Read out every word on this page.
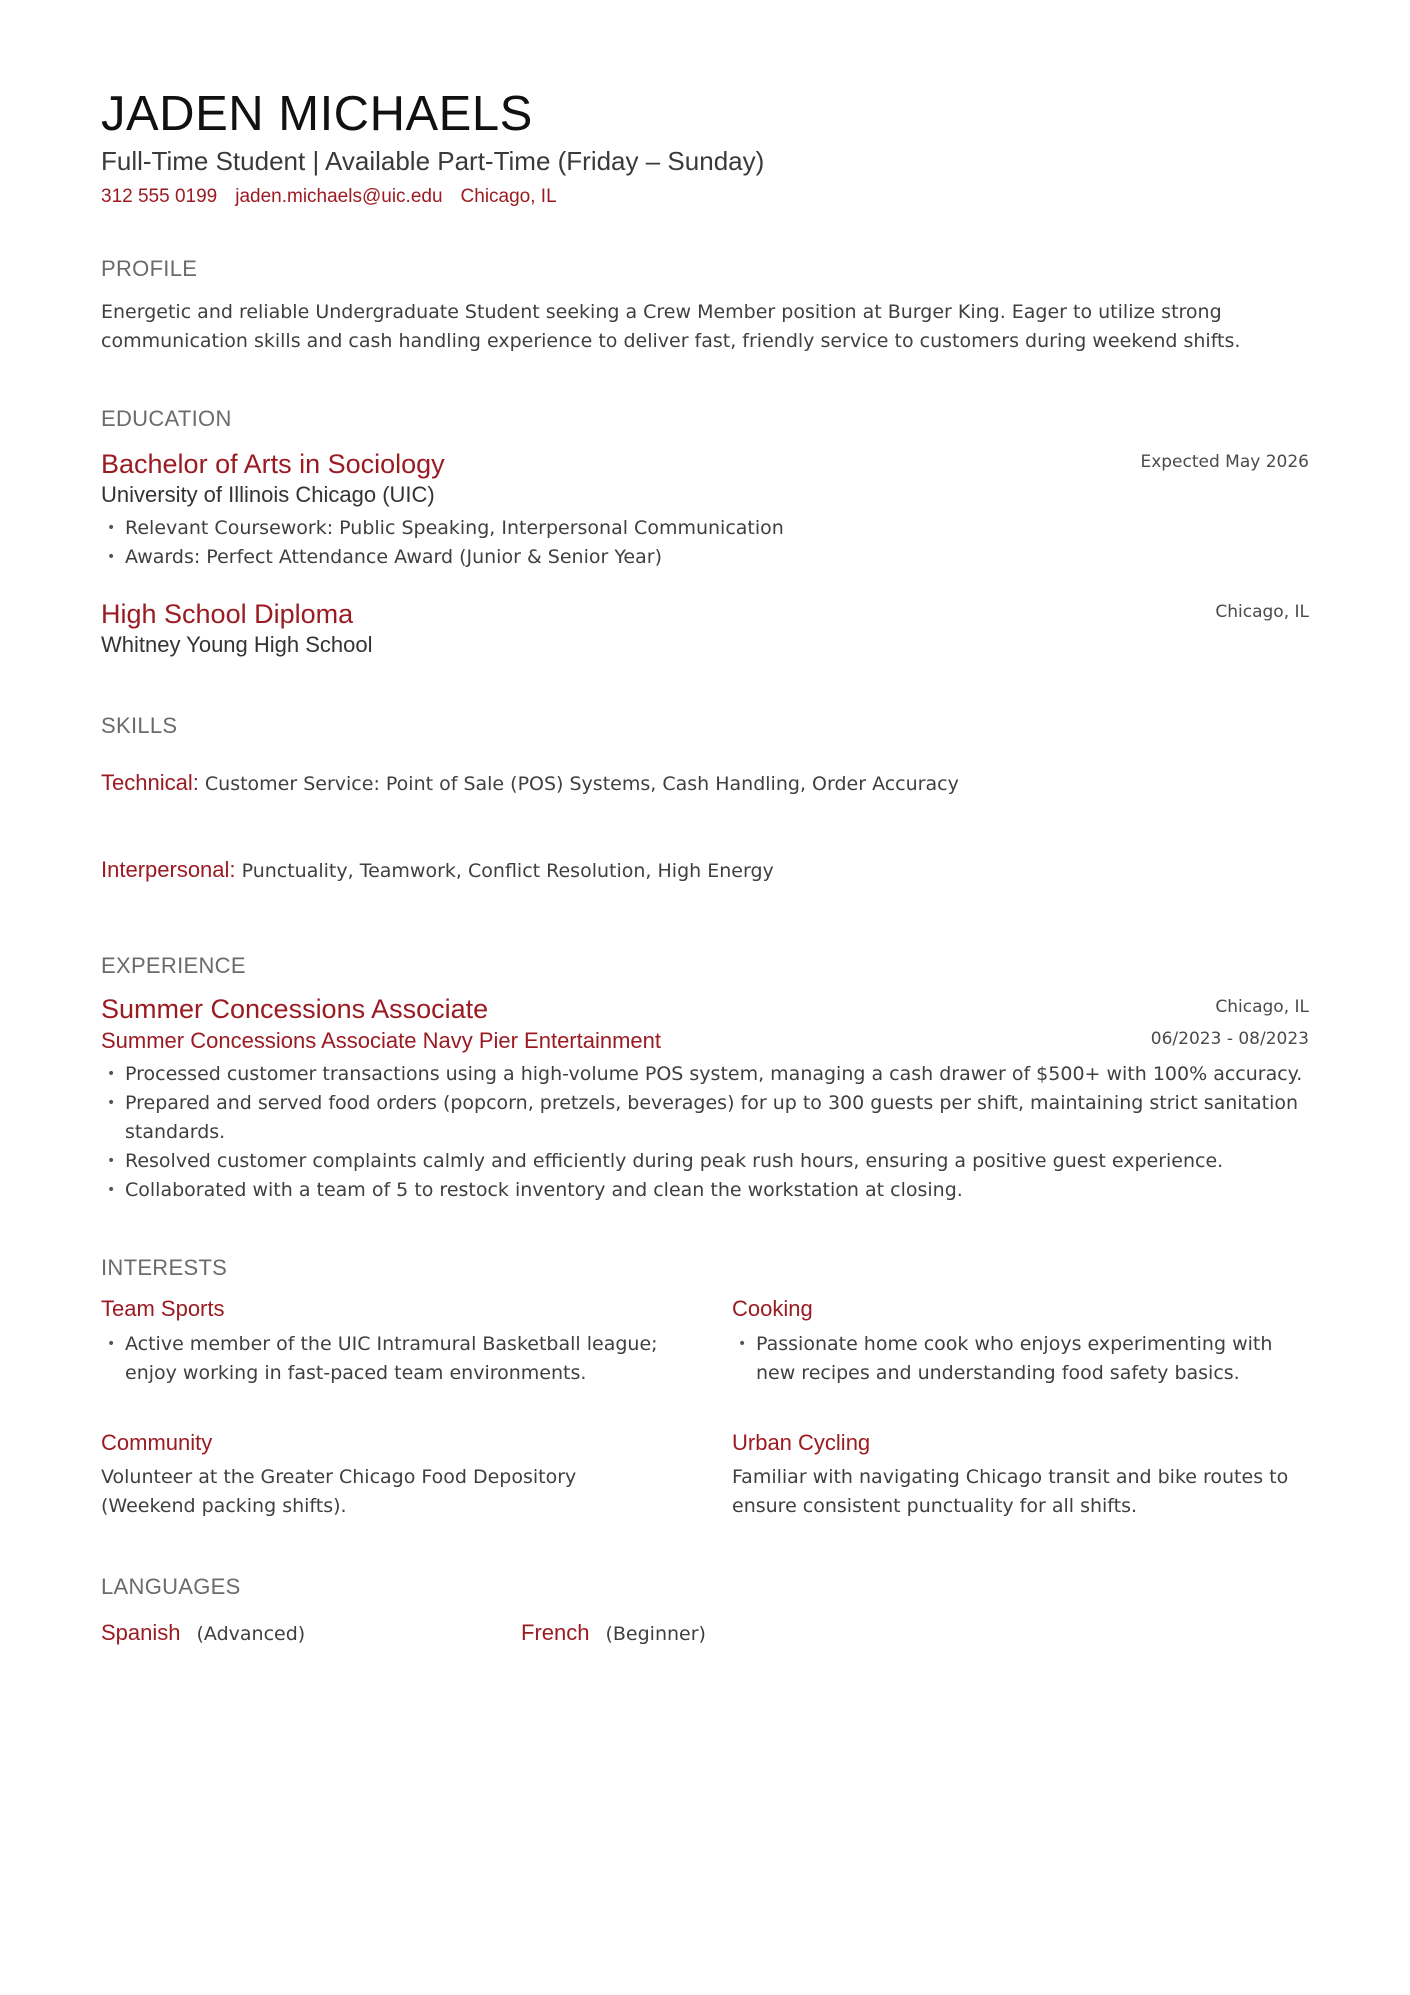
JADEN MICHAELS
Full-Time Student | Available Part-Time (Friday – Sunday)
312 555 0199 jaden.michaels@uic.edu Chicago, IL
PROFILE
Energetic and reliable Undergraduate Student seeking a Crew Member position at Burger King. Eager to utilize strong communication skills and cash handling experience to deliver fast, friendly service to customers during weekend shifts.
EDUCATION
Bachelor of Arts in Sociology	Expected May 2026
University of Illinois Chicago (UIC)
• Relevant Coursework: Public Speaking, Interpersonal Communication
• Awards: Perfect Attendance Award (Junior & Senior Year)
High School Diploma	Chicago, IL
Whitney Young High School
SKILLS
Technical: Customer Service: Point of Sale (POS) Systems , Cash Handling , Order Accuracy
Interpersonal: Punctuality , Teamwork , Conflict Resolution , High Energy
EXPERIENCE
Summer Concessions Associate	Chicago, IL
Summer Concessions Associate Navy Pier Entertainment	06/2023 - 08/2023
• Processed customer transactions using a high-volume POS system, managing a cash drawer of $500+ with 100% accuracy.
• Prepared and served food orders (popcorn, pretzels, beverages) for up to 300 guests per shift, maintaining strict sanitation standards.
• Resolved customer complaints calmly and efficiently during peak rush hours, ensuring a positive guest experience.
• Collaborated with a team of 5 to restock inventory and clean the workstation at closing.
INTERESTS
Team Sports
• Active member of the UIC Intramural Basketball league; enjoy working in fast-paced team environments.
Cooking
• Passionate home cook who enjoys experimenting with new recipes and understanding food safety basics.
Community
Volunteer at the Greater Chicago Food Depository (Weekend packing shifts).
Urban Cycling
Familiar with navigating Chicago transit and bike routes to ensure consistent punctuality for all shifts.
LANGUAGES
Spanish (Advanced)	French (Beginner)
